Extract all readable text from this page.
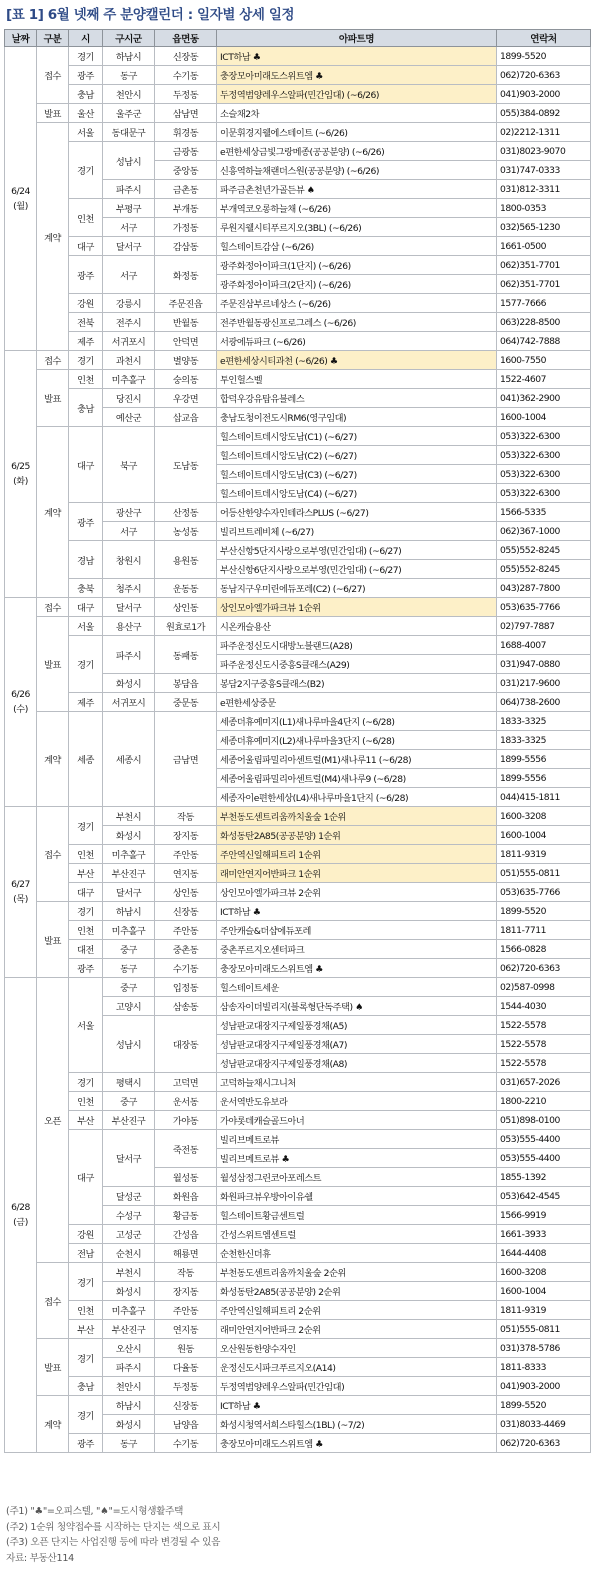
[표 1] 6월 넷째 주 분양캘린더 : 일자별 상세 일정
날짜	구분	시	구시군	읍면동	아파트명	연락처

6/24
(월)	접수	경기	하남시	신장동	ICT하남 ♣	1899-5520
		광주	동구	수기동	충장모아미래도스위트엠 ♣	062)720-6363
		충남	천안시	두정동	두정역범양레우스알파(민간임대) (~6/26)	041)903-2000
	발표	울산	울주군	삼남면	소슬채2차	055)384-0892
	계약	서울	동대문구	휘경동	이문휘경지웰에스테이트 (~6/26)	02)2212-1311
		경기	성남시	금광동	e편한세상금빛그랑메종(공공분양) (~6/26)	031)8023-9070
				중앙동	신흥역하늘채랜더스원(공공분양) (~6/26)	031)747-0333
			파주시	금촌동	파주금촌천년가골든뷰 ♠	031)812-3311
		인천	부평구	부개동	부개역코오롱하늘채 (~6/26)	1800-0353
			서구	가정동	루원지웰시티푸르지오(3BL) (~6/26)	032)565-1230
		대구	달서구	감삼동	힐스테이트감삼 (~6/26)	1661-0500
		광주	서구	화정동	광주화정아이파크(1단지) (~6/26)	062)351-7701
					광주화정아이파크(2단지) (~6/26)	062)351-7701
		강원	강릉시	주문진읍	주문진삼부르네상스 (~6/26)	1577-7666
		전북	전주시	반월동	전주반월동광신프로그레스 (~6/26)	063)228-8500
		제주	서귀포시	안덕면	서광에듀파크 (~6/26)	064)742-7888

6/25
(화)	접수	경기	과천시	별양동	e편한세상시티과천 (~6/26) ♣	1600-7550
	발표	인천	미추홀구	숭의동	투인헐스벨	1522-4607
		충남	당진시	우강면	합덕우강유탑유블레스	041)362-2900
			예산군	삽교읍	충남도청이전도시RM6(영구임대)	1600-1004
	계약	대구	북구	도남동	힐스테이트데시앙도남(C1) (~6/27)	053)322-6300
					힐스테이트데시앙도남(C2) (~6/27)	053)322-6300
					힐스테이트데시앙도남(C3) (~6/27)	053)322-6300
					힐스테이트데시앙도남(C4) (~6/27)	053)322-6300
		광주	광산구	산정동	어등산한양수자인테라스PLUS (~6/27)	1566-5335
			서구	농성동	빌리브트레비체 (~6/27)	062)367-1000
		경남	창원시	용원동	부산신항5단지사랑으로부영(민간임대) (~6/27)	055)552-8245
					부산신항6단지사랑으로부영(민간임대) (~6/27)	055)552-8245
		충북	청주시	운동동	동남지구우미린에듀포레(C2) (~6/27)	043)287-7800

6/26
(수)	접수	대구	달서구	상인동	상인모아엘가파크뷰 1순위	053)635-7766
	발표	서울	용산구	원효로1가	시온캐슬용산	02)797-7887
		경기	파주시	동패동	파주운정신도시대방노블랜드(A28)	1688-4007
					파주운정신도시중흥S클래스(A29)	031)947-0880
			화성시	봉담읍	봉담2지구중흥S클래스(B2)	031)217-9600
		제주	서귀포시	중문동	e편한세상중문	064)738-2600
	계약	세종	세종시	금남면	세종더휴예미지(L1)새나루마을4단지 (~6/28)	1833-3325
					세종더휴예미지(L2)새나루마을3단지 (~6/28)	1833-3325
					세종어울림파밀리아센트럴(M1)새나루11 (~6/28)	1899-5556
					세종어울림파밀리아센트럴(M4)새나루9 (~6/28)	1899-5556
					세종자이e편한세상(L4)새나루마을1단지 (~6/28)	044)415-1811

6/27
(목)	접수	경기	부천시	작동	부천동도센트리움까치울숲 1순위	1600-3208
			화성시	장지동	화성동탄2A85(공공분양) 1순위	1600-1004
		인천	미추홀구	주안동	주안역신일해피트리 1순위	1811-9319
		부산	부산진구	연지동	래미안연지어반파크 1순위	051)555-0811
		대구	달서구	상인동	상인모아엘가파크뷰 2순위	053)635-7766
	발표	경기	하남시	신장동	ICT하남 ♣	1899-5520
		인천	미추홀구	주안동	주안캐슬&더샵에듀포레	1811-7711
		대전	중구	중촌동	중촌푸르지오센터파크	1566-0828
		광주	동구	수기동	충장모아미래도스위트엠 ♣	062)720-6363

6/28
(금)	오픈	서울	중구	입정동	힐스테이트세운	02)587-0998
			고양시	삼송동	삼송자이더빌리지(블록형단독주택) ♠	1544-4030
			성남시	대장동	성남판교대장지구제일풍경채(A5)	1522-5578
					성남판교대장지구제일풍경채(A7)	1522-5578
					성남판교대장지구제일풍경채(A8)	1522-5578
		경기	평택시	고덕면	고덕하늘채시그니처	031)657-2026
		인천	중구	운서동	운서역반도유보라	1800-2210
		부산	부산진구	가야동	가야롯데캐슬골드아너	051)898-0100
		대구	달서구	죽전동	빌리브메트로뷰	053)555-4400
					빌리브메트로뷰 ♣	053)555-4400
				월성동	월성삼정그린코아포레스트	1855-1392
			달성군	화원읍	화원파크뷰우방아이유쉘	053)642-4545
			수성구	황금동	힐스테이트황금센트럴	1566-9919
		강원	고성군	간성읍	간성스위트엠센트럴	1661-3933
		전남	순천시	해룡면	순천한신더휴	1644-4408
	접수	경기	부천시	작동	부천동도센트리움까치울숲 2순위	1600-3208
			화성시	장지동	화성동탄2A85(공공분양) 2순위	1600-1004
		인천	미추홀구	주안동	주안역신일해피트리 2순위	1811-9319
		부산	부산진구	연지동	래미안연지어반파크 2순위	051)555-0811
	발표	경기	오산시	원동	오산원동한양수자인	031)378-5786
			파주시	다율동	운정신도시파크푸르지오(A14)	1811-8333
		충남	천안시	두정동	두정역범양레우스알파(민간임대)	041)903-2000
	계약	경기	하남시	신장동	ICT하남 ♣	1899-5520
			화성시	남양읍	화성시청역서희스타힐스(1BL) (~7/2)	031)8033-4469
		광주	동구	수기동	충장모아미래도스위트엠 ♣	062)720-6363
(주1) "♣"=오피스텔, "♠"=도시형생활주택
(주2) 1순위 청약접수를 시작하는 단지는 색으로 표시
(주3) 오픈 단지는 사업진행 등에 따라 변경될 수 있음
자료: 부동산114
